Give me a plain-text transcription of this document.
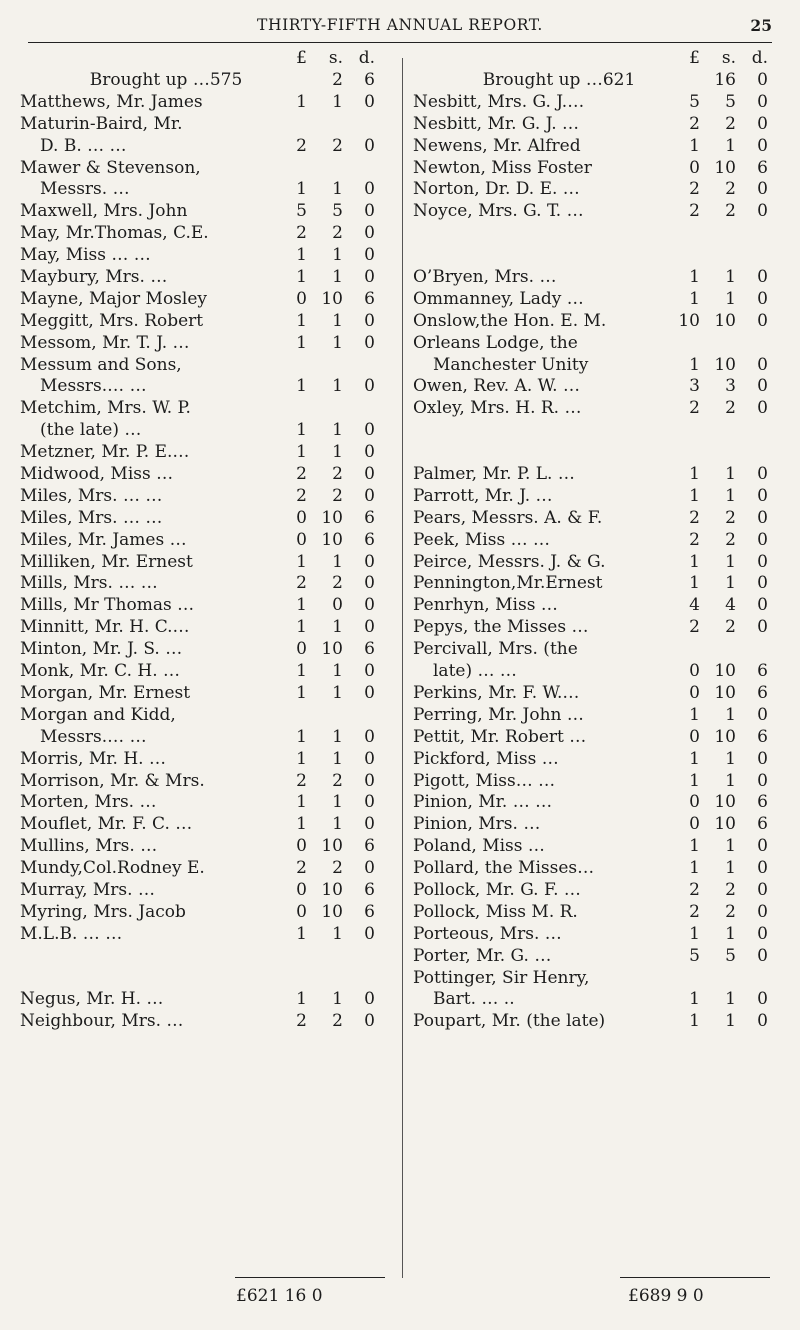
THIRTY-FIFTH ANNUAL REPORT.	25
£	s. d.
Brought up …575	2	6
Matthews, Mr. James	1	1	0
Maturin-Baird, Mr.
D. B. … …	2	2	0
Mawer & Stevenson,
Messrs. …	1	1	0
Maxwell, Mrs. John	5	5	0
May, Mr.Thomas, C.E.	2	2	0
May, Miss … …	1	1	0
Maybury, Mrs. …	1	1	0
Mayne, Major Mosley	0 10	6
Meggitt, Mrs. Robert	1	1	0
Messom, Mr. T. J. …	1	1	0
Messum and Sons,
Messrs.… …	1	1	0
Metchim, Mrs. W. P.
(the late) …	1	1	0
Metzner, Mr. P. E.…	1	1	0
Midwood, Miss …	2	2	0
Miles, Mrs. … …	2	2	0
Miles, Mrs. … …	0 10	6
Miles, Mr. James …	0 10	6
Milliken, Mr. Ernest	1	1	0
Mills, Mrs. … …	2	2	0
Mills, Mr Thomas …	1	0	0
Minnitt, Mr. H. C.…	1	1	0
Minton, Mr. J. S. …	0 10	6
Monk, Mr. C. H. …	1	1	0
Morgan, Mr. Ernest	1	1	0
Morgan and Kidd,
Messrs.… …	1	1	0
Morris, Mr. H. …	1	1	0
Morrison, Mr. & Mrs.	2	2	0
Morten, Mrs. …	1	1	0
Mouflet, Mr. F. C. …	1	1	0
Mullins, Mrs. …	0 10	6
Mundy,Col.Rodney E.	2	2	0
Murray, Mrs. …	0 10	6
Myring, Mrs. Jacob	0 10	6
M.L.B. … …	1	1	0
Negus, Mr. H. …	1	1	0
Neighbour, Mrs. …	2	2	0
£	s. d.
Brought up …621	16	0
Nesbitt, Mrs. G. J.…	5	5	0
Nesbitt, Mr. G. J. …	2	2	0
Newens, Mr. Alfred	1	1	0
Newton, Miss Foster	0 10	6
Norton, Dr. D. E. …	2	2	0
Noyce, Mrs. G. T. …	2	2	0
O’Bryen, Mrs. …	1	1	0
Ommanney, Lady …	1	1	0
Onslow,the Hon. E. M.	10 10	0
Orleans Lodge, the
Manchester Unity	1 10	0
Owen, Rev. A. W. …	3	3	0
Oxley, Mrs. H. R. …	2	2	0
Palmer, Mr. P. L. …	1	1	0
Parrott, Mr. J. …	1	1	0
Pears, Messrs. A. & F.	2	2	0
Peek, Miss … …	2	2	0
Peirce, Messrs. J. & G.	1	1	0
Pennington,Mr.Ernest	1	1	0
Penrhyn, Miss …	4	4	0
Pepys, the Misses …	2	2	0
Percivall, Mrs. (the
late) … …	0 10	6
Perkins, Mr. F. W.…	0 10	6
Perring, Mr. John …	1	1	0
Pettit, Mr. Robert …	0 10	6
Pickford, Miss …	1	1	0
Pigott, Miss… …	1	1	0
Pinion, Mr. … …	0 10	6
Pinion, Mrs. …	0 10	6
Poland, Miss …	1	1	0
Pollard, the Misses…	1	1	0
Pollock, Mr. G. F. …	2	2	0
Pollock, Miss M. R.	2	2	0
Porteous, Mrs. …	1	1	0
Porter, Mr. G. …	5	5	0
Pottinger, Sir Henry,
Bart. … ..	1	1	0
Poupart, Mr. (the late)	1	1	0
£621 16 0	£689 9 0
